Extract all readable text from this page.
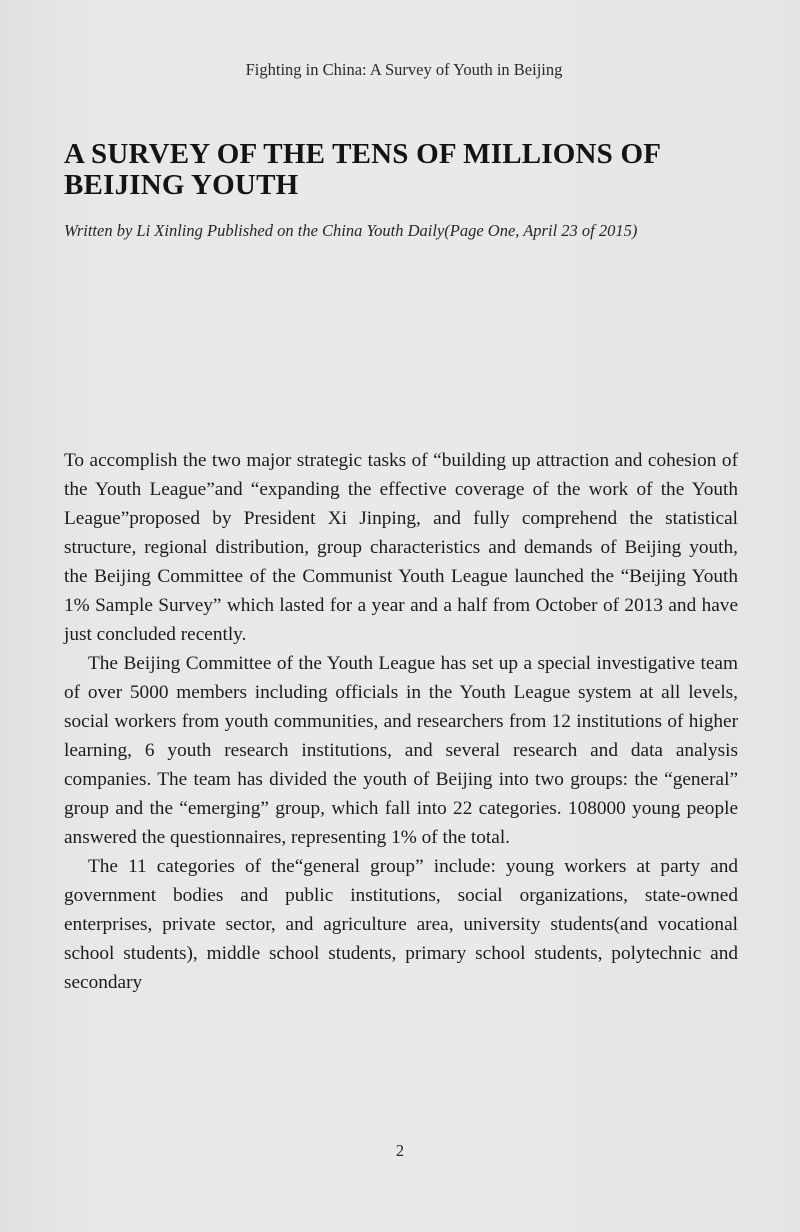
Fighting in China: A Survey of Youth in Beijing
A SURVEY OF THE TENS OF MILLIONS OF BEIJING YOUTH

Written by Li Xinling Published on the China Youth Daily(Page One, April 23 of 2015)

To accomplish the two major strategic tasks of “building up attraction and cohesion of the Youth League”and “expanding the effective coverage of the work of the Youth League”proposed by President Xi Jinping, and fully comprehend the statistical structure, regional distribution, group characteristics and demands of Beijing youth, the Beijing Committee of the Communist Youth League launched the “Beijing Youth 1% Sample Survey” which lasted for a year and a half from October of 2013 and have just concluded recently.

The Beijing Committee of the Youth League has set up a special investigative team of over 5000 members including officials in the Youth League system at all levels, social workers from youth communities, and researchers from 12 institutions of higher learning, 6 youth research institutions, and several research and data analysis companies. The team has divided the youth of Beijing into two groups: the “general” group and the “emerging” group, which fall into 22 categories. 108000 young people answered the questionnaires, representing 1% of the total.

The 11 categories of the“general group” include: young workers at party and government bodies and public institutions, social organizations, state-owned enterprises, private sector, and agriculture area, university students(and vocational school students), middle school students, primary school students, polytechnic and secondary

2
